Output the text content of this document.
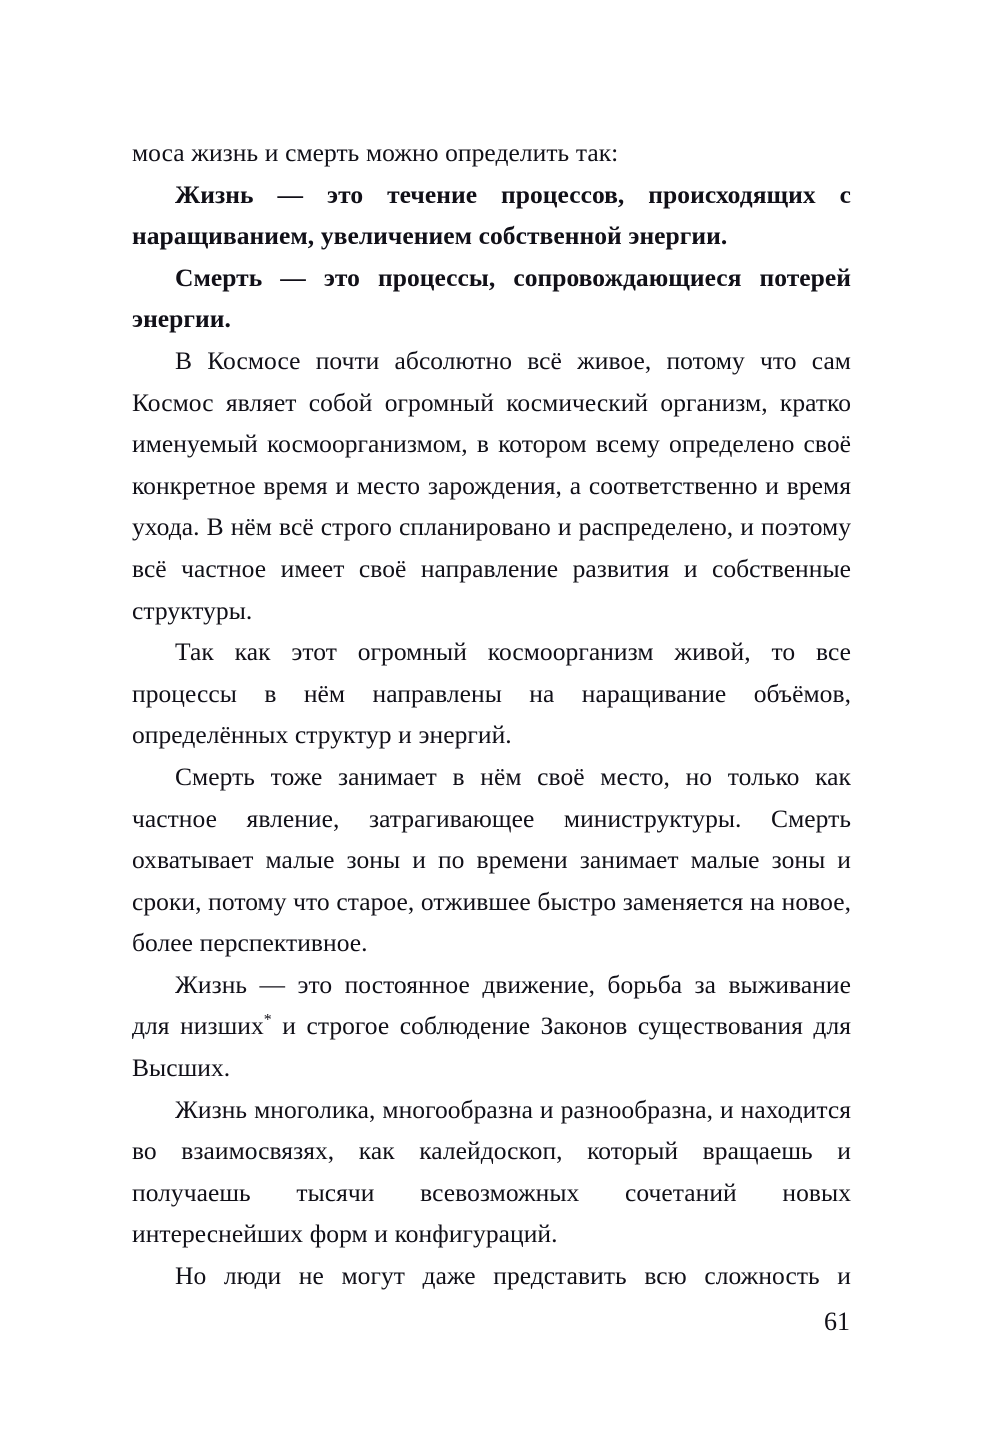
моса жизнь и смерть можно определить так:

Жизнь — это течение процессов, происходящих с наращиванием, увеличением собственной энергии.

Смерть — это процессы, сопровождающиеся потерей энергии.

В Космосе почти абсолютно всё живое, потому что сам Космос являет собой огромный космический организм, кратко именуемый космоорганизмом, в котором всему определено своё конкретное время и место зарождения, а соответственно и время ухода. В нём всё строго спланировано и распределено, и поэтому всё частное имеет своё направление развития и собственные структуры.

Так как этот огромный космоорганизм живой, то все процессы в нём направлены на наращивание объёмов, определённых структур и энергий.

Смерть тоже занимает в нём своё место, но только как частное явление, затрагивающее министруктуры. Смерть охватывает малые зоны и по времени занимает малые зоны и сроки, потому что старое, отжившее быстро заменяется на новое, более перспективное.

Жизнь — это постоянное движение, борьба за выживание для низших* и строгое соблюдение Законов существования для Высших.

Жизнь многолика, многообразна и разнообразна, и находится во взаимосвязях, как калейдоскоп, который вращаешь и получаешь тысячи всевозможных сочетаний новых интереснейших форм и конфигураций.

Но люди не могут даже представить всю сложность и

61
